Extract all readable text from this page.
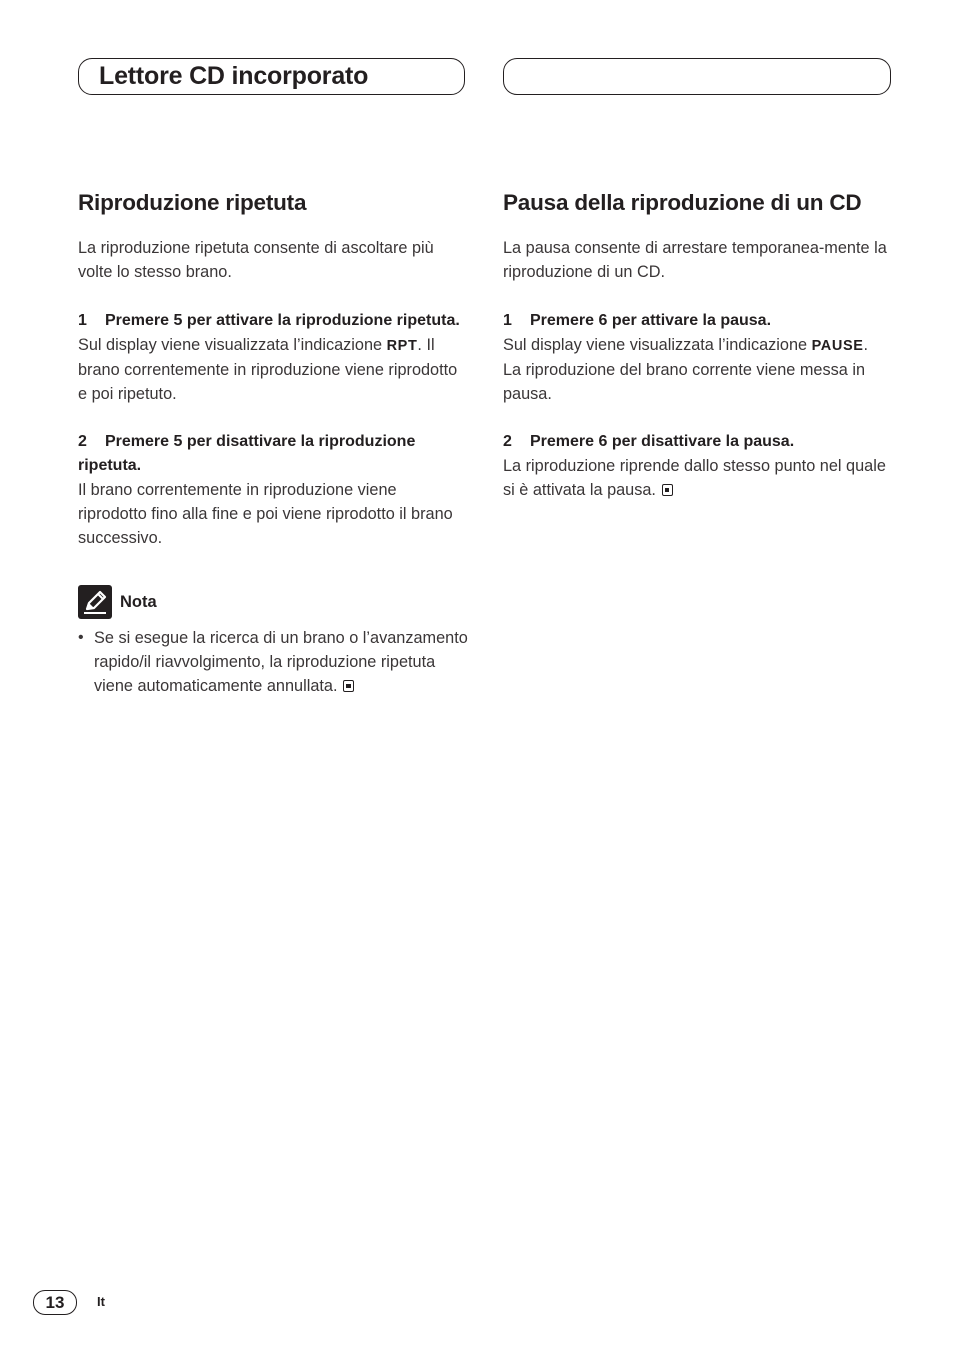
Lettore CD incorporato
Riproduzione ripetuta

La riproduzione ripetuta consente di ascoltare più volte lo stesso brano.

1 Premere 5 per attivare la riproduzione ripetuta.

Sul display viene visualizzata l’indicazione RPT. Il brano correntemente in riproduzione viene riprodotto e poi ripetuto.

2 Premere 5 per disattivare la riproduzione ripetuta.

Il brano correntemente in riproduzione viene riprodotto fino alla fine e poi viene riprodotto il brano successivo.

Nota
• Se si esegue la ricerca di un brano o l’avanzamento rapido/il riavvolgimento, la riproduzione ripetuta viene automaticamente annullata.

Pausa della riproduzione di un CD

La pausa consente di arrestare temporanea-mente la riproduzione di un CD.

1 Premere 6 per attivare la pausa.

Sul display viene visualizzata l’indicazione PAUSE. La riproduzione del brano corrente viene messa in pausa.

2 Premere 6 per disattivare la pausa.

La riproduzione riprende dallo stesso punto nel quale si è attivata la pausa.

13	It
